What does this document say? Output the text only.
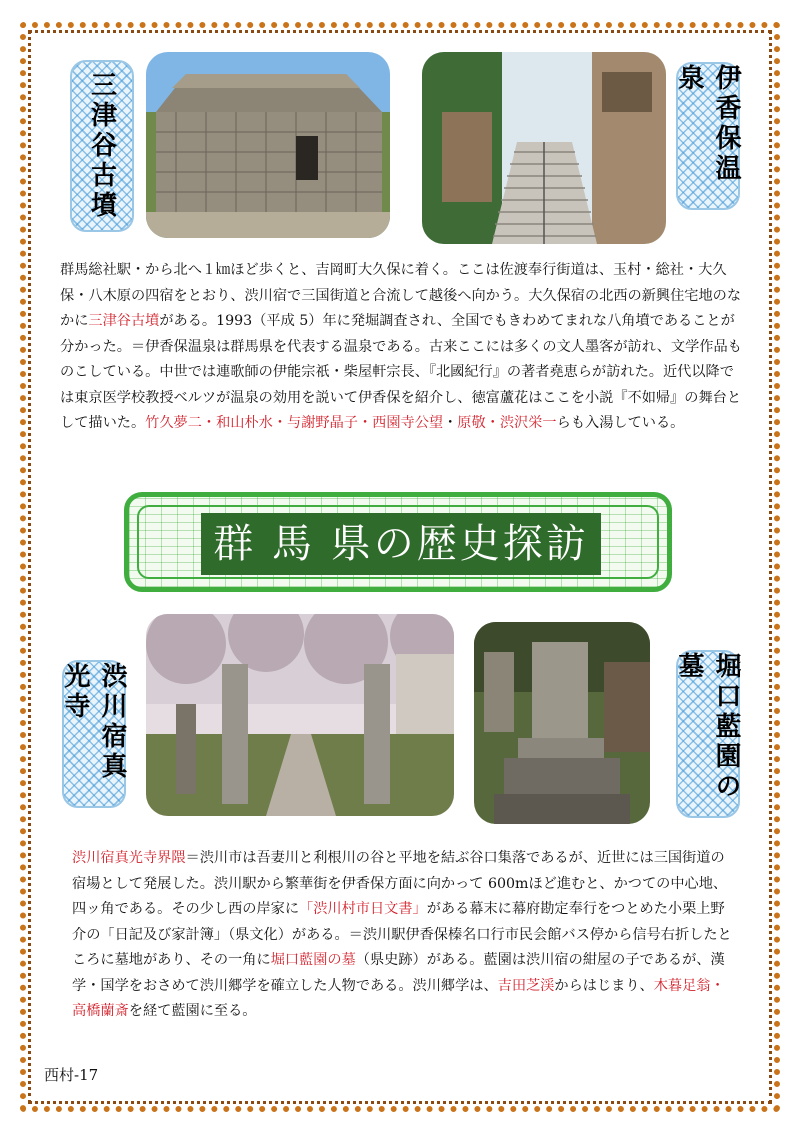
三津谷古墳	伊香保温泉

群馬総社駅・から北へ１㎞ほど歩くと、吉岡町大久保に着く。ここは佐渡奉行街道は、玉村・総社・大久保・八木原の四宿をとおり、渋川宿で三国街道と合流して越後へ向かう。大久保宿の北西の新興住宅地のなかに三津谷古墳がある。1993（平成 5）年に発堀調査され、全国でもきわめてまれな八角墳であることが分かった。＝伊香保温泉は群馬県を代表する温泉である。古来ここには多くの文人墨客が訪れ、文学作品ものこしている。中世では連歌師の伊能宗祇・柴屋軒宗長、『北國紀行』の著者堯恵らが訪れた。近代以降では東京医学校教授ベルツが温泉の効用を説いて伊香保を紹介し、徳富蘆花はここを小説『不如帰』の舞台として描いた。竹久夢二・和山朴水・与謝野晶子・西園寺公望・原敬・渋沢栄一らも入湯している。

群 馬 県の歴史探訪
渋川宿真光寺	堀口藍園の墓

渋川宿真光寺界隈＝渋川市は吾妻川と利根川の谷と平地を結ぶ谷口集落であるが、近世には三国街道の宿場として発展した。渋川駅から繁華街を伊香保方面に向かって 600mほど進むと、かつての中心地、四ッ角である。その少し西の岸家に「渋川村市日文書」がある幕末に幕府勘定奉行をつとめた小栗上野介の「日記及び家計簿」（県文化）がある。＝渋川駅伊香保榛名口行市民会館バス停から信号右折したところに墓地があり、その一角に堀口藍園の墓（県史跡）がある。藍園は渋川宿の紺屋の子であるが、漢学・国学をおさめて渋川郷学を確立した人物である。渋川郷学は、吉田芝渓からはじまり、木暮足翁・高橋蘭斎を経て藍園に至る。

西村-17
